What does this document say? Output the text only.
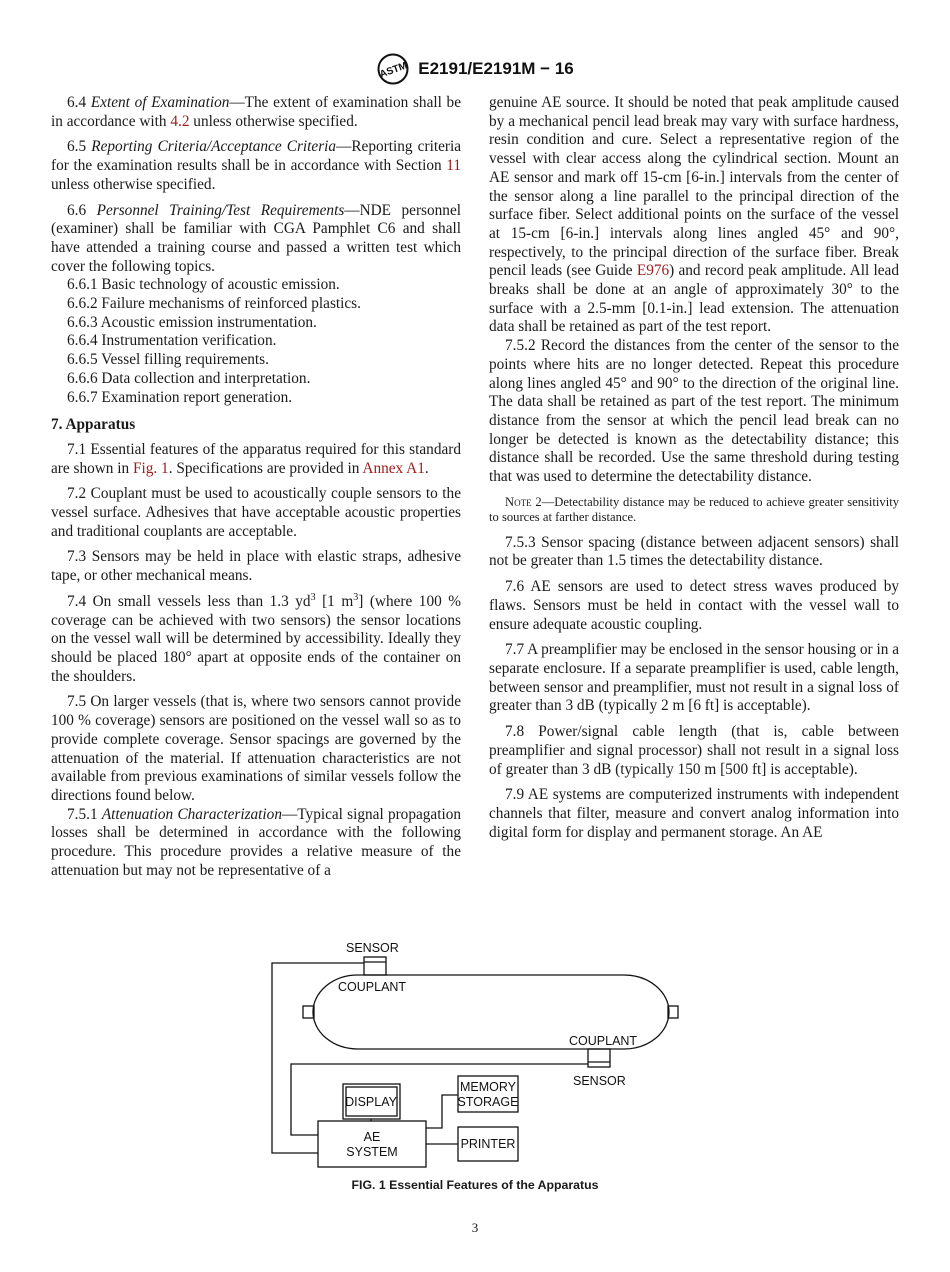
ASTM E2191/E2191M − 16

6.4 Extent of Examination—The extent of examination shall be in accordance with 4.2 unless otherwise specified.

6.5 Reporting Criteria/Acceptance Criteria—Reporting criteria for the examination results shall be in accordance with Section 11 unless otherwise specified.

6.6 Personnel Training/Test Requirements—NDE personnel (examiner) shall be familiar with CGA Pamphlet C6 and shall have attended a training course and passed a written test which cover the following topics.

6.6.1 Basic technology of acoustic emission.

6.6.2 Failure mechanisms of reinforced plastics.

6.6.3 Acoustic emission instrumentation.

6.6.4 Instrumentation verification.

6.6.5 Vessel filling requirements.

6.6.6 Data collection and interpretation.

6.6.7 Examination report generation.

7. Apparatus

7.1 Essential features of the apparatus required for this standard are shown in Fig. 1. Specifications are provided in Annex A1.

7.2 Couplant must be used to acoustically couple sensors to the vessel surface. Adhesives that have acceptable acoustic properties and traditional couplants are acceptable.

7.3 Sensors may be held in place with elastic straps, adhesive tape, or other mechanical means.

7.4 On small vessels less than 1.3 $yd^3$ [1 $m^3$] (where 100 % coverage can be achieved with two sensors) the sensor locations on the vessel wall will be determined by accessibility. Ideally they should be placed 180° apart at opposite ends of the container on the shoulders.

7.5 On larger vessels (that is, where two sensors cannot provide 100 % coverage) sensors are positioned on the vessel wall so as to provide complete coverage. Sensor spacings are governed by the attenuation of the material. If attenuation characteristics are not available from previous examinations of similar vessels follow the directions found below.

7.5.1 Attenuation Characterization—Typical signal propagation losses shall be determined in accordance with the following procedure. This procedure provides a relative measure of the attenuation but may not be representative of a

genuine AE source. It should be noted that peak amplitude caused by a mechanical pencil lead break may vary with surface hardness, resin condition and cure. Select a representative region of the vessel with clear access along the cylindrical section. Mount an AE sensor and mark off 15-cm [6-in.] intervals from the center of the sensor along a line parallel to the principal direction of the surface fiber. Select additional points on the surface of the vessel at 15-cm [6-in.] intervals along lines angled 45° and 90°, respectively, to the principal direction of the surface fiber. Break pencil leads (see Guide E976) and record peak amplitude. All lead breaks shall be done at an angle of approximately 30° to the surface with a 2.5-mm [0.1-in.] lead extension. The attenuation data shall be retained as part of the test report.

7.5.2 Record the distances from the center of the sensor to the points where hits are no longer detected. Repeat this procedure along lines angled 45° and 90° to the direction of the original line. The data shall be retained as part of the test report. The minimum distance from the sensor at which the pencil lead break can no longer be detected is known as the detectability distance; this distance shall be recorded. Use the same threshold during testing that was used to determine the detectability distance.

Note 2—Detectability distance may be reduced to achieve greater sensitivity to sources at farther distance.

7.5.3 Sensor spacing (distance between adjacent sensors) shall not be greater than 1.5 times the detectability distance.

7.6 AE sensors are used to detect stress waves produced by flaws. Sensors must be held in contact with the vessel wall to ensure adequate acoustic coupling.

7.7 A preamplifier may be enclosed in the sensor housing or in a separate enclosure. If a separate preamplifier is used, cable length, between sensor and preamplifier, must not result in a signal loss of greater than 3 dB (typically 2 m [6 ft] is acceptable).

7.8 Power/signal cable length (that is, cable between preamplifier and signal processor) shall not result in a signal loss of greater than 3 dB (typically 150 m [500 ft] is acceptable).

7.9 AE systems are computerized instruments with independent channels that filter, measure and convert analog information into digital form for display and permanent storage. An AE

SENSOR
COUPLANT
COUPLANT
SENSOR
MEMORY
STORAGE
DISPLAY
AE
SYSTEM
PRINTER
FIG. 1 Essential Features of the Apparatus
3
